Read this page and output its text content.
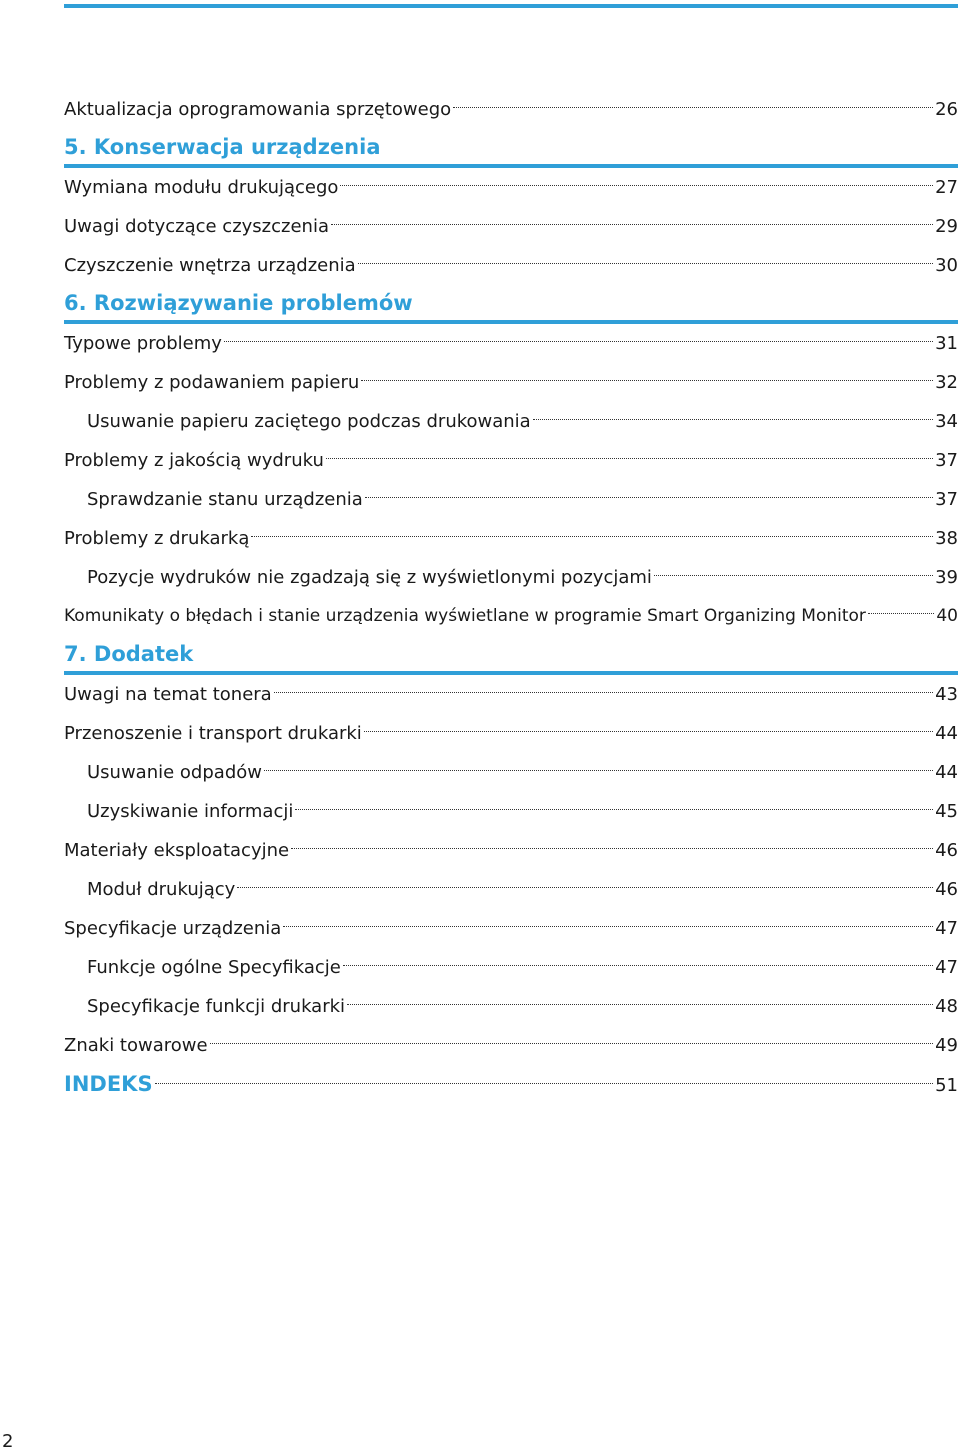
Aktualizacja oprogramowania sprzętowego	26
5. Konserwacja urządzenia
Wymiana modułu drukującego	27
Uwagi dotyczące czyszczenia	29
Czyszczenie wnętrza urządzenia	30
6. Rozwiązywanie problemów
Typowe problemy	31
Problemy z podawaniem papieru	32
Usuwanie papieru zaciętego podczas drukowania	34
Problemy z jakością wydruku	37
Sprawdzanie stanu urządzenia	37
Problemy z drukarką	38
Pozycje wydruków nie zgadzają się z wyświetlonymi pozycjami	39
Komunikaty o błędach i stanie urządzenia wyświetlane w programie Smart Organizing Monitor	40
7. Dodatek
Uwagi na temat tonera	43
Przenoszenie i transport drukarki	44
Usuwanie odpadów	44
Uzyskiwanie informacji	45
Materiały eksploatacyjne	46
Moduł drukujący	46
Specyfikacje urządzenia	47
Funkcje ogólne Specyfikacje	47
Specyfikacje funkcji drukarki	48
Znaki towarowe	49
INDEKS	51
2
